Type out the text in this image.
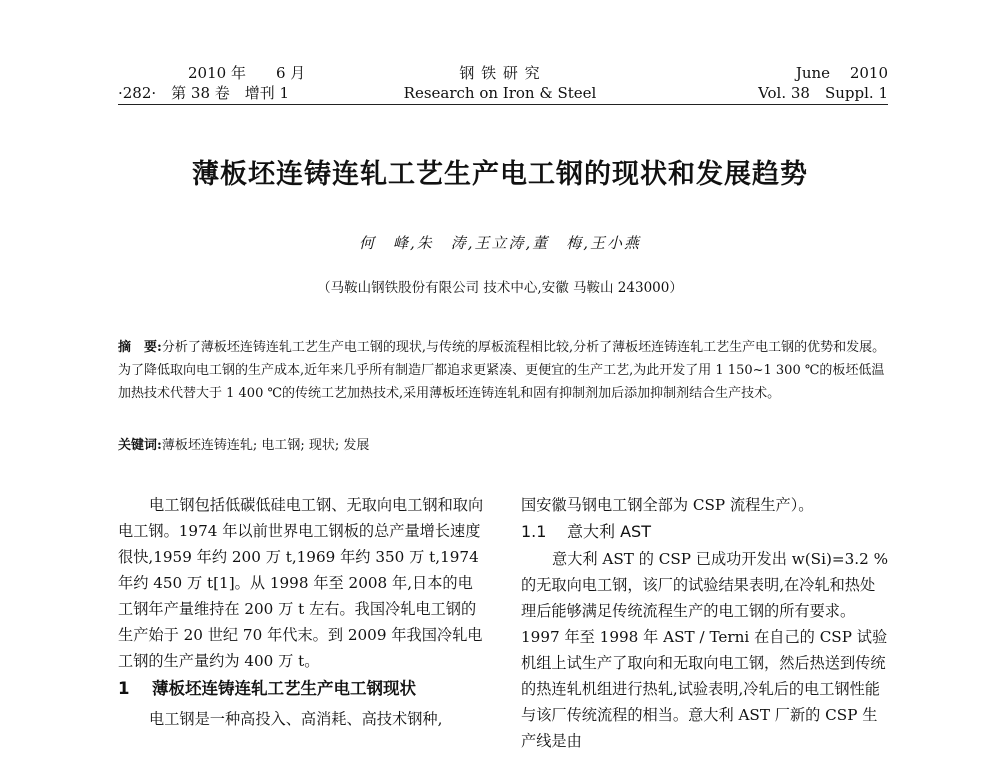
2010 年　　6 月
·282·　第 38 卷　增刊 1
钢 铁 研 究
Research on Iron & Steel
June　 2010
Vol. 38　Suppl. 1
薄板坯连铸连轧工艺生产电工钢的现状和发展趋势
何　峰,朱　涛,王立涛,董　梅,王小燕
（马鞍山钢铁股份有限公司 技术中心,安徽 马鞍山 243000）
摘　要:分析了薄板坯连铸连轧工艺生产电工钢的现状,与传统的厚板流程相比较,分析了薄板坯连铸连轧工艺生产电工钢的优势和发展。为了降低取向电工钢的生产成本,近年来几乎所有制造厂都追求更紧凑、更便宜的生产工艺,为此开发了用 1 150~1 300 ℃的板坯低温加热技术代替大于 1 400 ℃的传统工艺加热技术,采用薄板坯连铸连轧和固有抑制剂加后添加抑制剂结合生产技术。
关键词:薄板坯连铸连轧; 电工钢; 现状; 发展

电工钢包括低碳低硅电工钢、无取向电工钢和取向电工钢。1974 年以前世界电工钢板的总产量增长速度很快,1959 年约 200 万 t,1969 年约 350 万 t,1974 年约 450 万 t[1]。从 1998 年至 2008 年,日本的电工钢年产量维持在 200 万 t 左右。我国冷轧电工钢的生产始于 20 世纪 70 年代末。到 2009 年我国冷轧电工钢的生产量约为 400 万 t。

1 薄板坯连铸连轧工艺生产电工钢现状

电工钢是一种高投入、高消耗、高技术钢种,

国安徽马钢电工钢全部为 CSP 流程生产）。

1.1 意大利 AST

意大利 AST 的 CSP 已成功开发出 w(Si)=3.2 %的无取向电工钢，该厂的试验结果表明,在冷轧和热处理后能够满足传统流程生产的电工钢的所有要求。1997 年至 1998 年 AST / Terni 在自己的 CSP 试验机组上试生产了取向和无取向电工钢，然后热送到传统的热连轧机组进行热轧,试验表明,冷轧后的电工钢性能与该厂传统流程的相当。意大利 AST 厂新的 CSP 生产线是由
